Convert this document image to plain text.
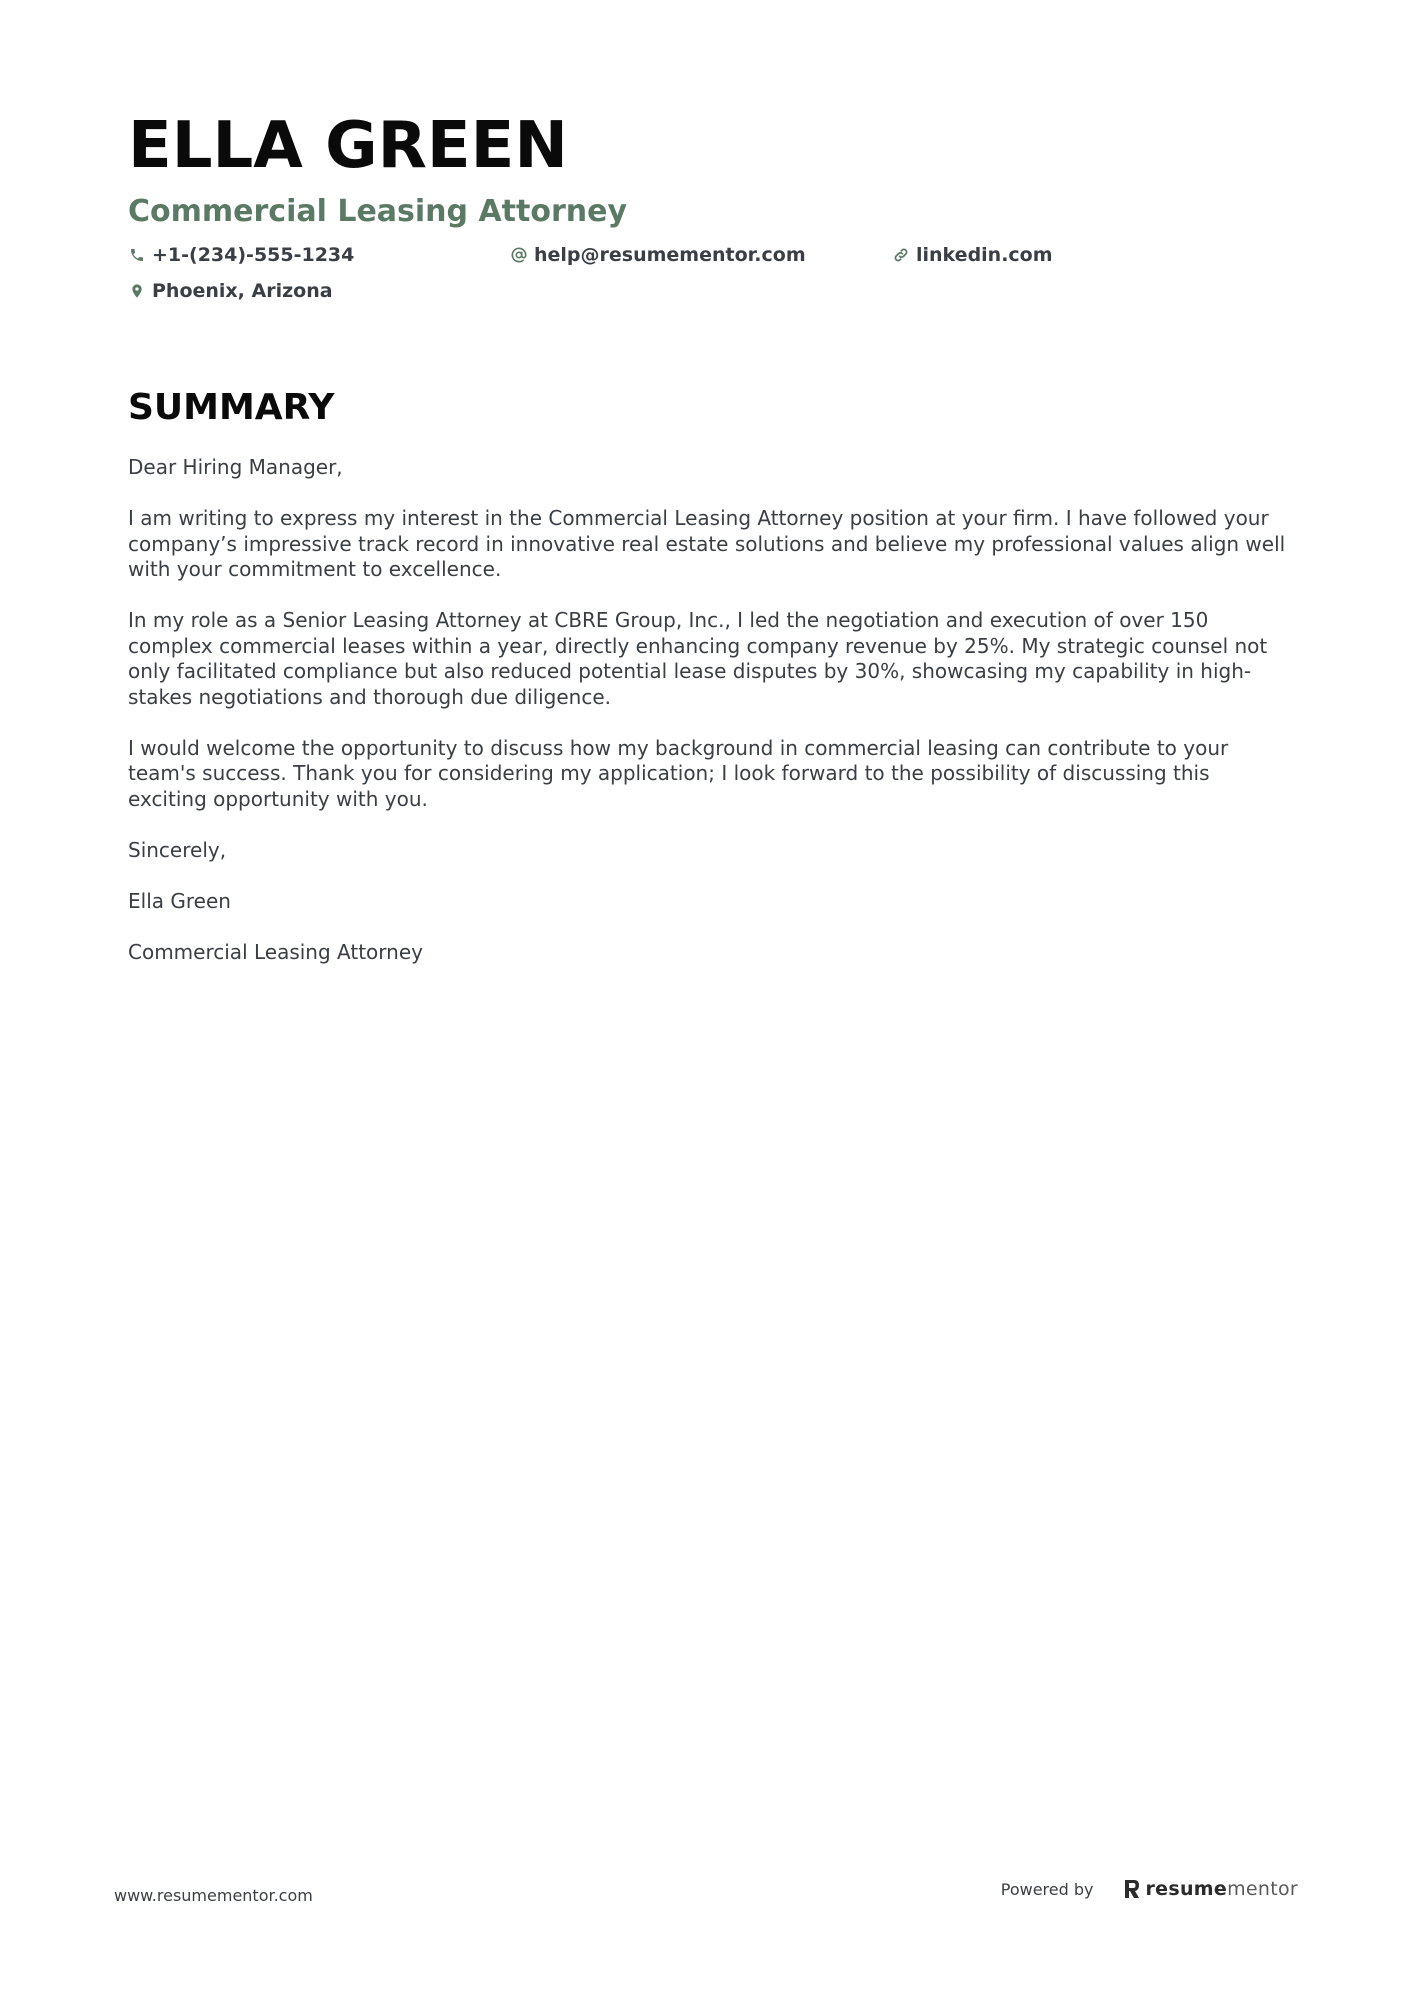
ELLA GREEN
Commercial Leasing Attorney
+1-(234)-555-1234	help@resumementor.com	linkedin.com
Phoenix, Arizona
SUMMARY

Dear Hiring Manager,

I am writing to express my interest in the Commercial Leasing Attorney position at your firm. I have followed your company’s impressive track record in innovative real estate solutions and believe my professional values align well with your commitment to excellence.

In my role as a Senior Leasing Attorney at CBRE Group, Inc., I led the negotiation and execution of over 150 complex commercial leases within a year, directly enhancing company revenue by 25%. My strategic counsel not only facilitated compliance but also reduced potential lease disputes by 30%, showcasing my capability in high-stakes negotiations and thorough due diligence.

I would welcome the opportunity to discuss how my background in commercial leasing can contribute to your team's success. Thank you for considering my application; I look forward to the possibility of discussing this exciting opportunity with you.

Sincerely,

Ella Green

Commercial Leasing Attorney

www.resumementor.com	Powered by	resume mentor
